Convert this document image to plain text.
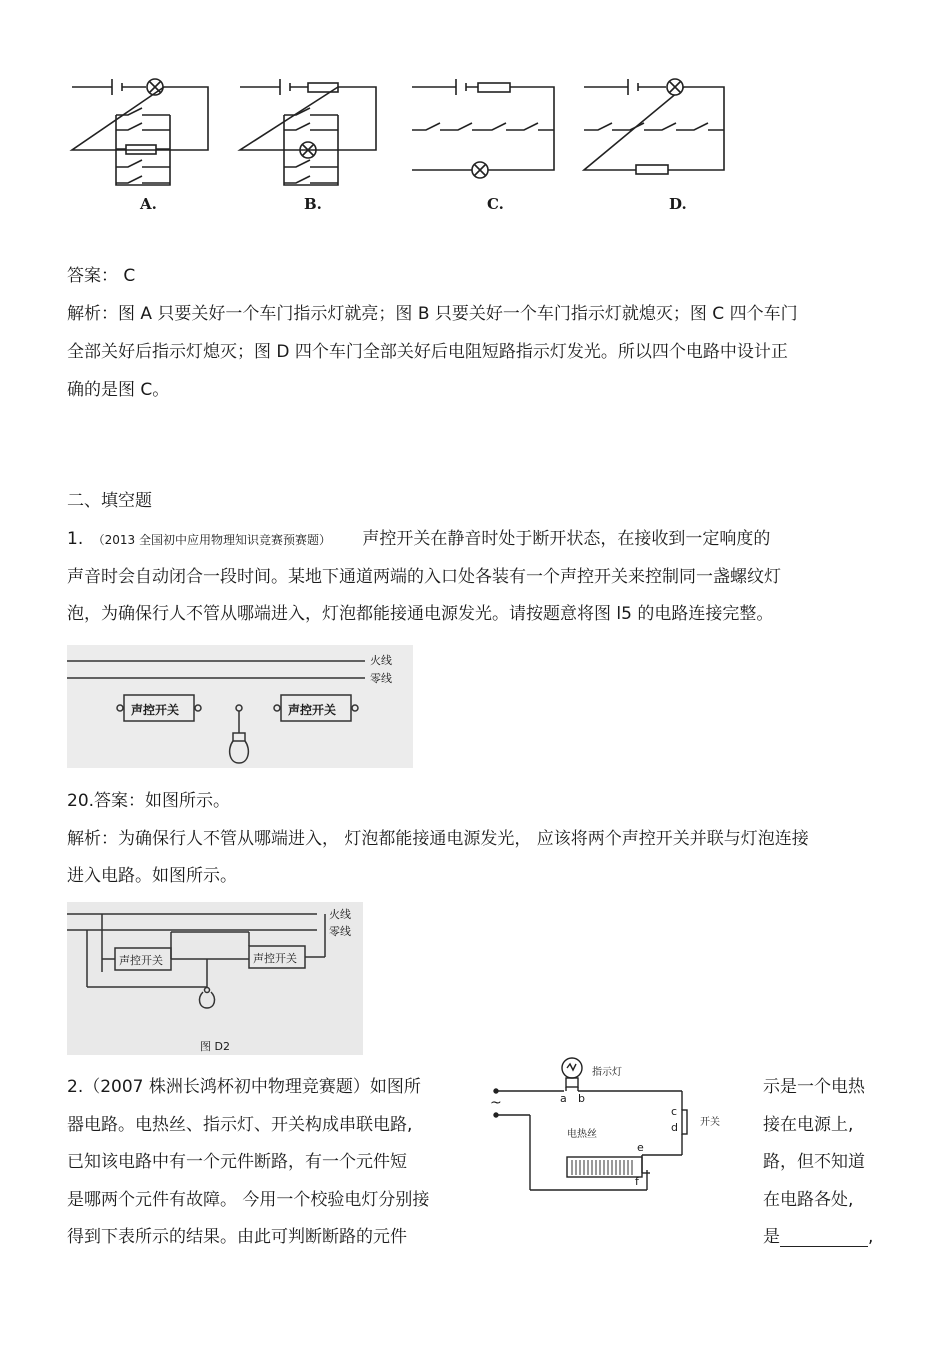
A.	B.	C.	D.
答案： C
解析：图 A 只要关好一个车门指示灯就亮；图 B 只要关好一个车门指示灯就熄灭；图 C 四个车门
全部关好后指示灯熄灭；图 D 四个车门全部关好后电阻短路指示灯发光。所以四个电路中设计正
确的是图 C。
二、填空题
1. （2013 全国初中应用物理知识竞赛预赛题） 声控开关在静音时处于断开状态，在接收到一定响度的
声音时会自动闭合一段时间。某地下通道两端的入口处各装有一个声控开关来控制同一盏螺纹灯
泡，为确保行人不管从哪端进入，灯泡都能接通电源发光。请按题意将图 l5 的电路连接完整。
火线
零线
声控开关	声控开关
20.答案：如图所示。
解析：为确保行人不管从哪端进入， 灯泡都能接通电源发光， 应该将两个声控开关并联与灯泡连接
进入电路。如图所示。
火线
零线
声控开关	声控开关
图 D2
2.（2007 株洲长鸿杯初中物理竞赛题）如图所
器电路。电热丝、指示灯、开关构成串联电路,
已知该电路中有一个元件断路，有一个元件短
是哪两个元件有故障。 今用一个校验电灯分别接
得到下表所示的结果。由此可判断断路的元件
示是一个电热
接在电源上,
路，但不知道
在电路各处,
是	,
指示灯
电热丝
开关
~	a b
c
d
e
f
